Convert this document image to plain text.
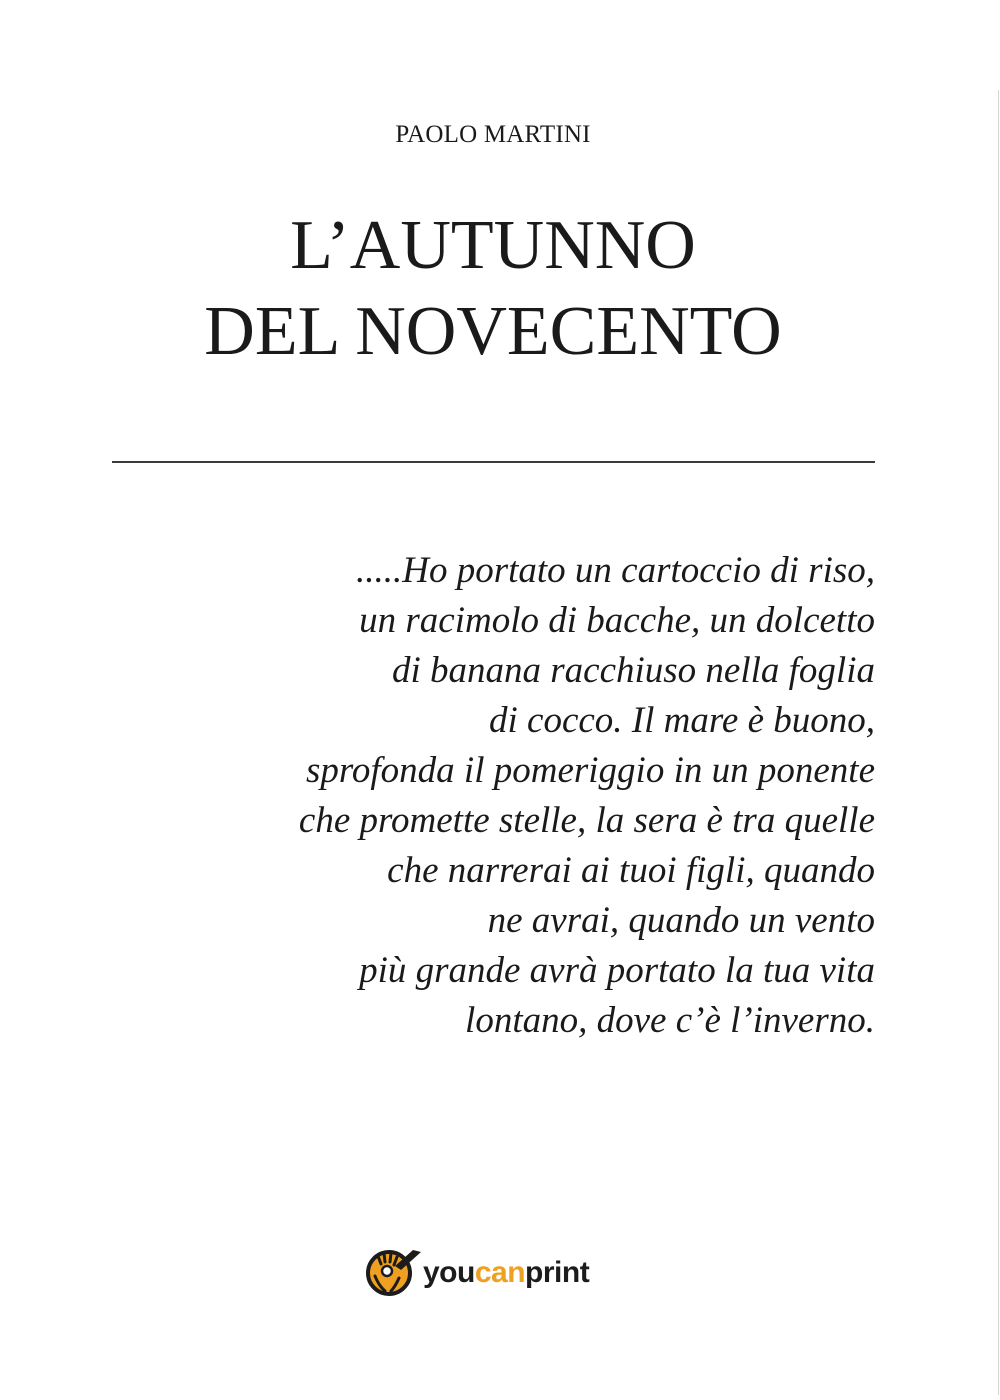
PAOLO MARTINI
L’AUTUNNO
DEL NOVECENTO
.....Ho portato un cartoccio di riso,
un racimolo di bacche, un dolcetto
di banana racchiuso nella foglia
di cocco. Il mare è buono,
sprofonda il pomeriggio in un ponente
che promette stelle, la sera è tra quelle
che narrerai ai tuoi figli, quando
ne avrai, quando un vento
più grande avrà portato la tua vita
lontano, dove c’è l’inverno.
youcanprint
